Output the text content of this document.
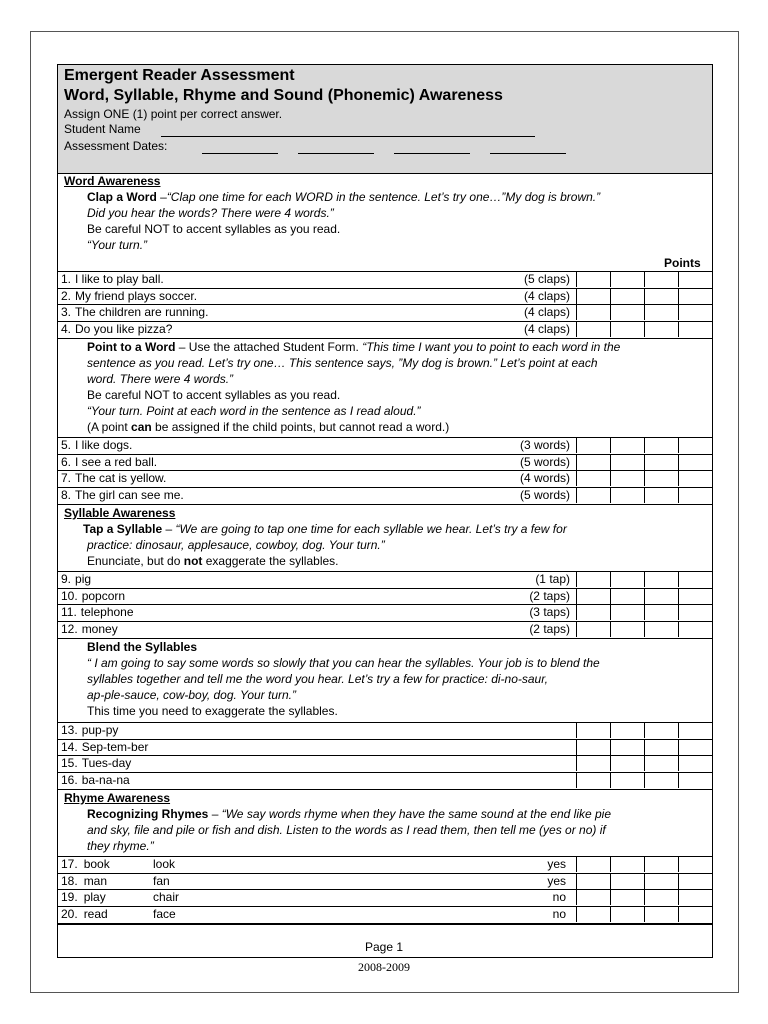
Emergent Reader Assessment
Word, Syllable, Rhyme and Sound (Phonemic) Awareness
Assign ONE (1) point per correct answer.
Student Name
Assessment Dates:
Word Awareness
Clap a Word –“Clap one time for each WORD in the sentence. Let’s try one…”My dog is brown.”
Did you hear the words? There were 4 words.”
Be careful NOT to accent syllables as you read.
“Your turn.”
Points
1. I like to play ball.	(5 claps)
2. My friend plays soccer.	(4 claps)
3. The children are running.	(4 claps)
4. Do you like pizza?	(4 claps)
Point to a Word – Use the attached Student Form. “This time I want you to point to each word in the
sentence as you read. Let’s try one… This sentence says, ”My dog is brown.” Let’s point at each
word. There were 4 words.”
Be careful NOT to accent syllables as you read.
“Your turn. Point at each word in the sentence as I read aloud.”
(A point can be assigned if the child points, but cannot read a word.)
5. I like dogs.	(3 words)
6. I see a red ball.	(5 words)
7. The cat is yellow.	(4 words)
8. The girl can see me.	(5 words)
Syllable Awareness
Tap a Syllable – “We are going to tap one time for each syllable we hear. Let’s try a few for
practice: dinosaur, applesauce, cowboy, dog. Your turn.”
Enunciate, but do not exaggerate the syllables.
9. pig	(1 tap)
10. popcorn	(2 taps)
11. telephone	(3 taps)
12. money	(2 taps)
Blend the Syllables
“ I am going to say some words so slowly that you can hear the syllables. Your job is to blend the
syllables together and tell me the word you hear. Let’s try a few for practice: di-no-saur,
ap-ple-sauce, cow-boy, dog. Your turn.”
This time you need to exaggerate the syllables.
13. pup-py
14. Sep-tem-ber
15. Tues-day
16. ba-na-na
Rhyme Awareness
Recognizing Rhymes – “We say words rhyme when they have the same sound at the end like pie
and sky, file and pile or fish and dish. Listen to the words as I read them, then tell me (yes or no) if
they rhyme.”
17. book	look	yes
18. man	fan	yes
19. play	chair	no
20. read	face	no
Page 1
2008-2009
